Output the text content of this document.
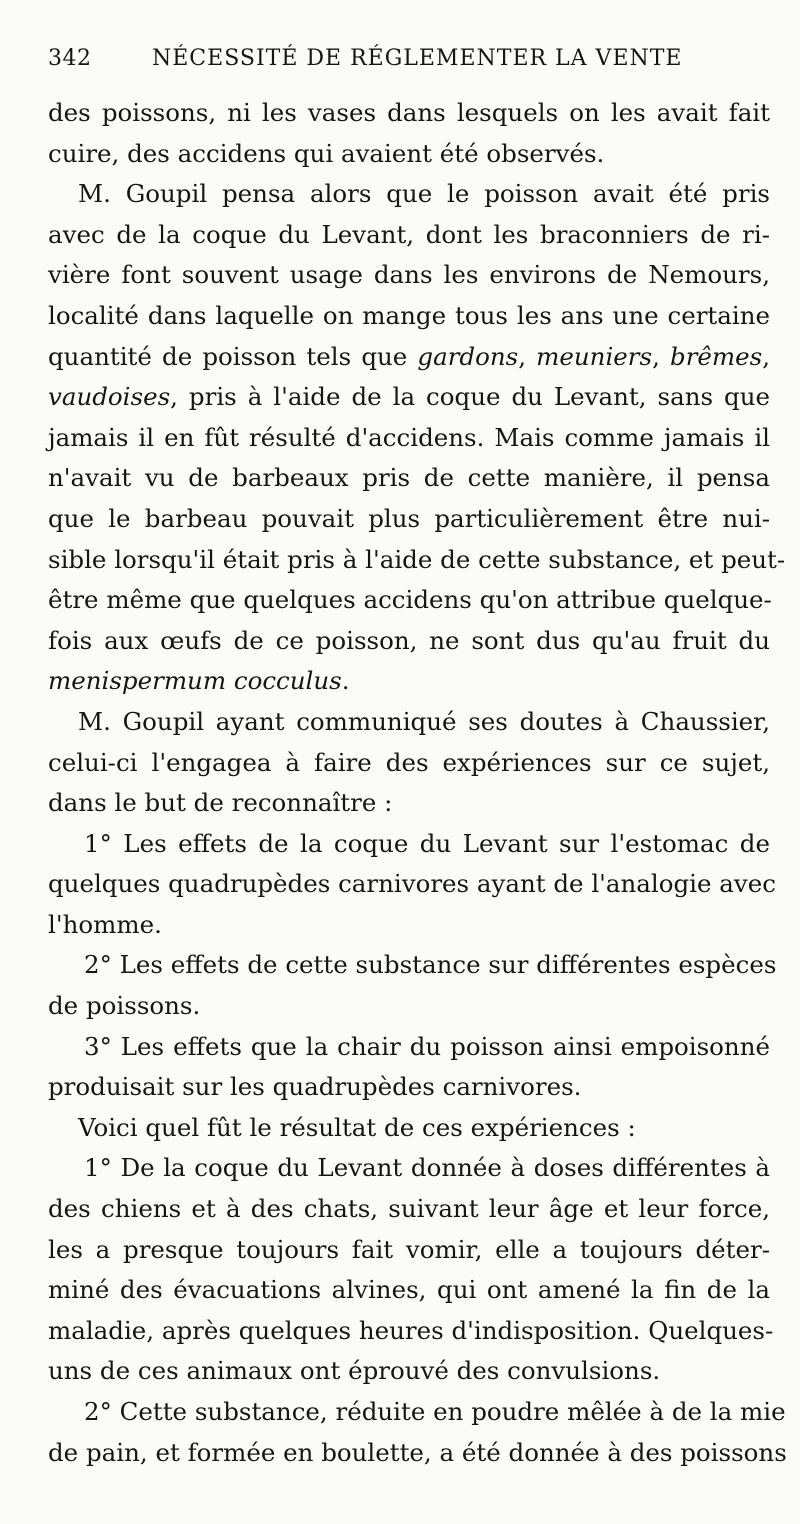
342	NÉCESSITÉ DE RÉGLEMENTER LA VENTE
des poissons, ni les vases dans lesquels on les avait fait
cuire, des accidens qui avaient été observés.
M. Goupil pensa alors que le poisson avait été pris
avec de la coque du Levant, dont les braconniers de ri-
vière font souvent usage dans les environs de Nemours,
localité dans laquelle on mange tous les ans une certaine
quantité de poisson tels que gardons, meuniers, brêmes,
vaudoises, pris à l'aide de la coque du Levant, sans que
jamais il en fût résulté d'accidens. Mais comme jamais il
n'avait vu de barbeaux pris de cette manière, il pensa
que le barbeau pouvait plus particulièrement être nui-
sible lorsqu'il était pris à l'aide de cette substance, et peut-
être même que quelques accidens qu'on attribue quelque-
fois aux œufs de ce poisson, ne sont dus qu'au fruit du
menispermum cocculus.
M. Goupil ayant communiqué ses doutes à Chaussier,
celui-ci l'engagea à faire des expériences sur ce sujet,
dans le but de reconnaître :
1° Les effets de la coque du Levant sur l'estomac de
quelques quadrupèdes carnivores ayant de l'analogie avec
l'homme.
2° Les effets de cette substance sur différentes espèces
de poissons.
3° Les effets que la chair du poisson ainsi empoisonné
produisait sur les quadrupèdes carnivores.
Voici quel fût le résultat de ces expériences :
1° De la coque du Levant donnée à doses différentes à
des chiens et à des chats, suivant leur âge et leur force,
les a presque toujours fait vomir, elle a toujours déter-
miné des évacuations alvines, qui ont amené la fin de la
maladie, après quelques heures d'indisposition. Quelques-
uns de ces animaux ont éprouvé des convulsions.
2° Cette substance, réduite en poudre mêlée à de la mie
de pain, et formée en boulette, a été donnée à des poissons
